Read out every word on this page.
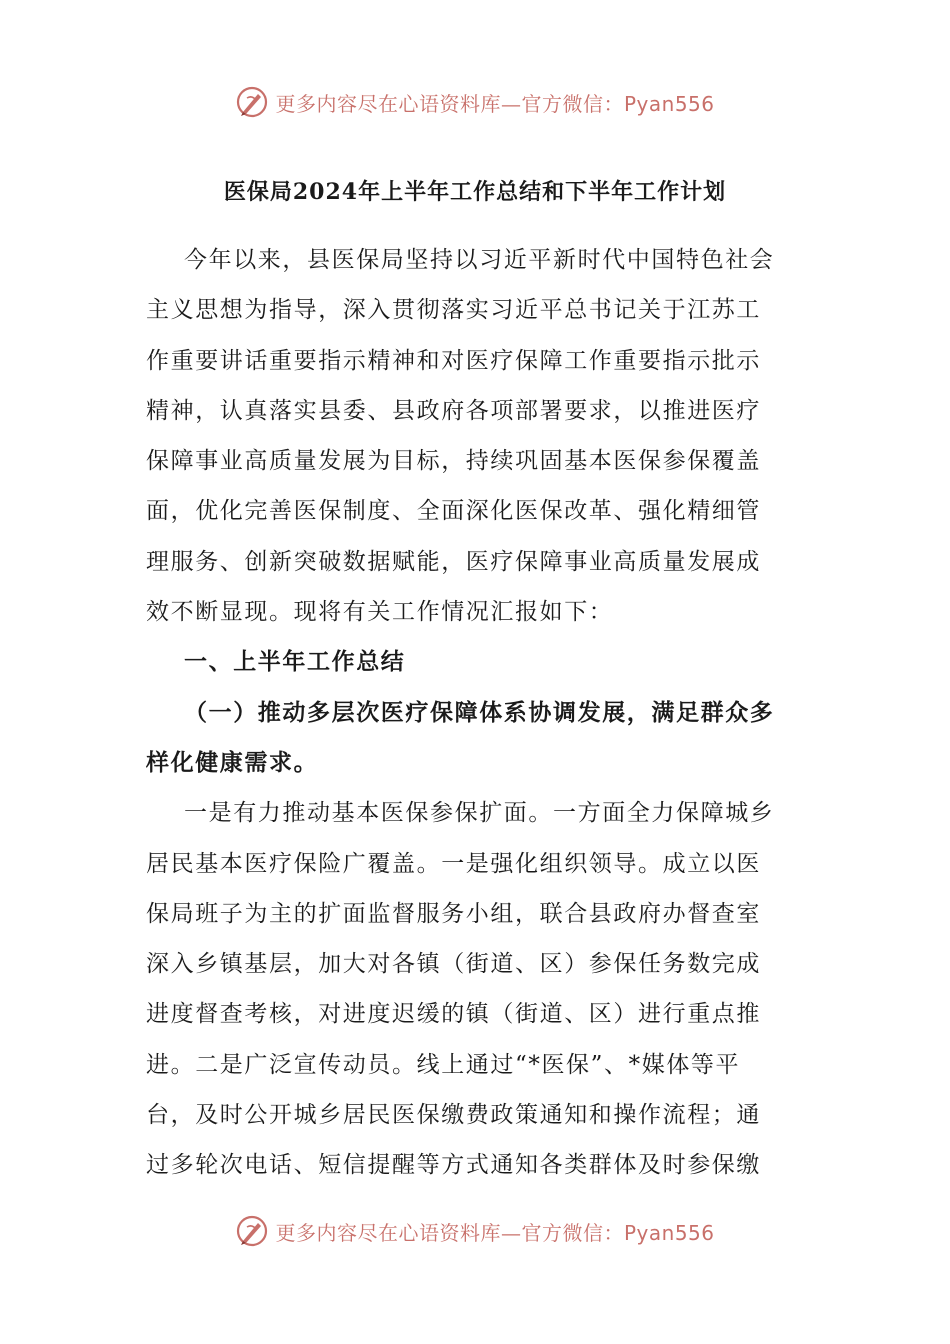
更多内容尽在心语资料库—官方微信：Pyan556
医保局2024年上半年工作总结和下半年工作计划
今年以来，县医保局坚持以习近平新时代中国特色社会
主义思想为指导，深入贯彻落实习近平总书记关于江苏工
作重要讲话重要指示精神和对医疗保障工作重要指示批示
精神，认真落实县委、县政府各项部署要求，以推进医疗
保障事业高质量发展为目标，持续巩固基本医保参保覆盖
面，优化完善医保制度、全面深化医保改革、强化精细管
理服务、创新突破数据赋能，医疗保障事业高质量发展成
效不断显现。现将有关工作情况汇报如下：
一、上半年工作总结
（一）推动多层次医疗保障体系协调发展，满足群众多
样化健康需求。
一是有力推动基本医保参保扩面。一方面全力保障城乡
居民基本医疗保险广覆盖。一是强化组织领导。成立以医
保局班子为主的扩面监督服务小组，联合县政府办督查室
深入乡镇基层，加大对各镇（街道、区）参保任务数完成
进度督查考核，对进度迟缓的镇（街道、区）进行重点推
进。二是广泛宣传动员。线上通过“*医保”、*媒体等平
台，及时公开城乡居民医保缴费政策通知和操作流程；通
过多轮次电话、短信提醒等方式通知各类群体及时参保缴
更多内容尽在心语资料库—官方微信：Pyan556
